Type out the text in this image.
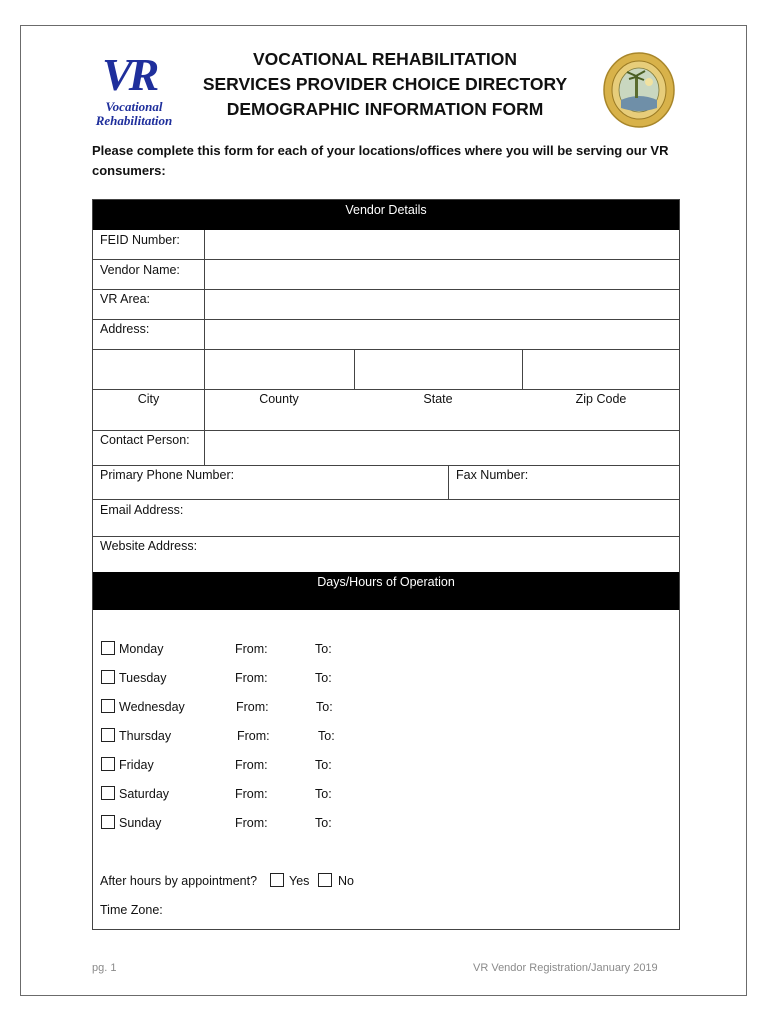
VR
Vocational
Rehabilitation
VOCATIONAL REHABILITATION
SERVICES PROVIDER CHOICE DIRECTORY
DEMOGRAPHIC INFORMATION FORM
Please complete this form for each of your locations/offices where you will be serving our VR consumers:
Vendor Details
FEID Number:
Vendor Name:
VR Area:
Address:
City	County	State	Zip Code
Contact Person:
Primary Phone Number:	Fax Number:
Email Address:
Website Address:
Days/Hours of Operation
Monday	From:	To:
Tuesday	From:	To:
Wednesday	From:	To:
Thursday	From:	To:
Friday	From:	To:
Saturday	From:	To:
Sunday	From:	To:
After hours by appointment?	Yes No
Time Zone:
pg. 1	VR Vendor Registration/January 2019
